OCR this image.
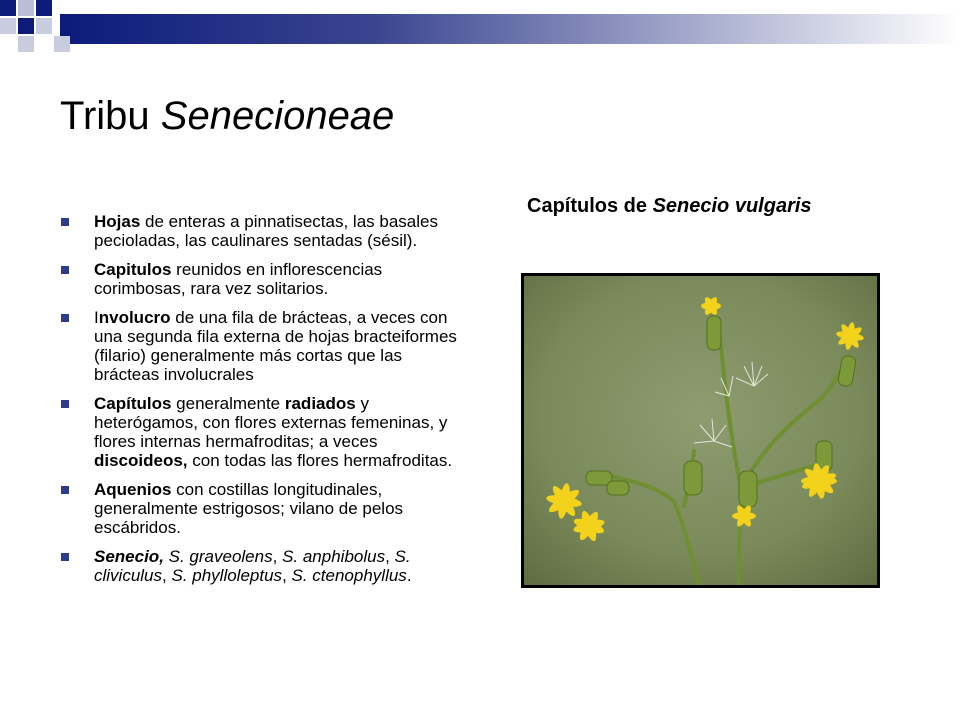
Tribu Senecioneae
Hojas de enteras a pinnatisectas, las basales pecioladas, las caulinares sentadas (sésil).
Capitulos reunidos en inflorescencias corimbosas, rara vez solitarios.
Involucro de una fila de brácteas, a veces con una segunda fila externa de hojas bracteiformes (filario) generalmente más cortas que las brácteas involucrales
Capítulos generalmente radiados y heterógamos, con flores externas femeninas, y flores internas hermafroditas; a veces discoideos, con todas las flores hermafroditas.
Aquenios con costillas longitudinales, generalmente estrigosos; vilano de pelos escábridos.
Senecio, S. graveolens, S. anphibolus, S. cliviculus, S. phylloleptus, S. ctenophyllus.
Capítulos de Senecio vulgaris
